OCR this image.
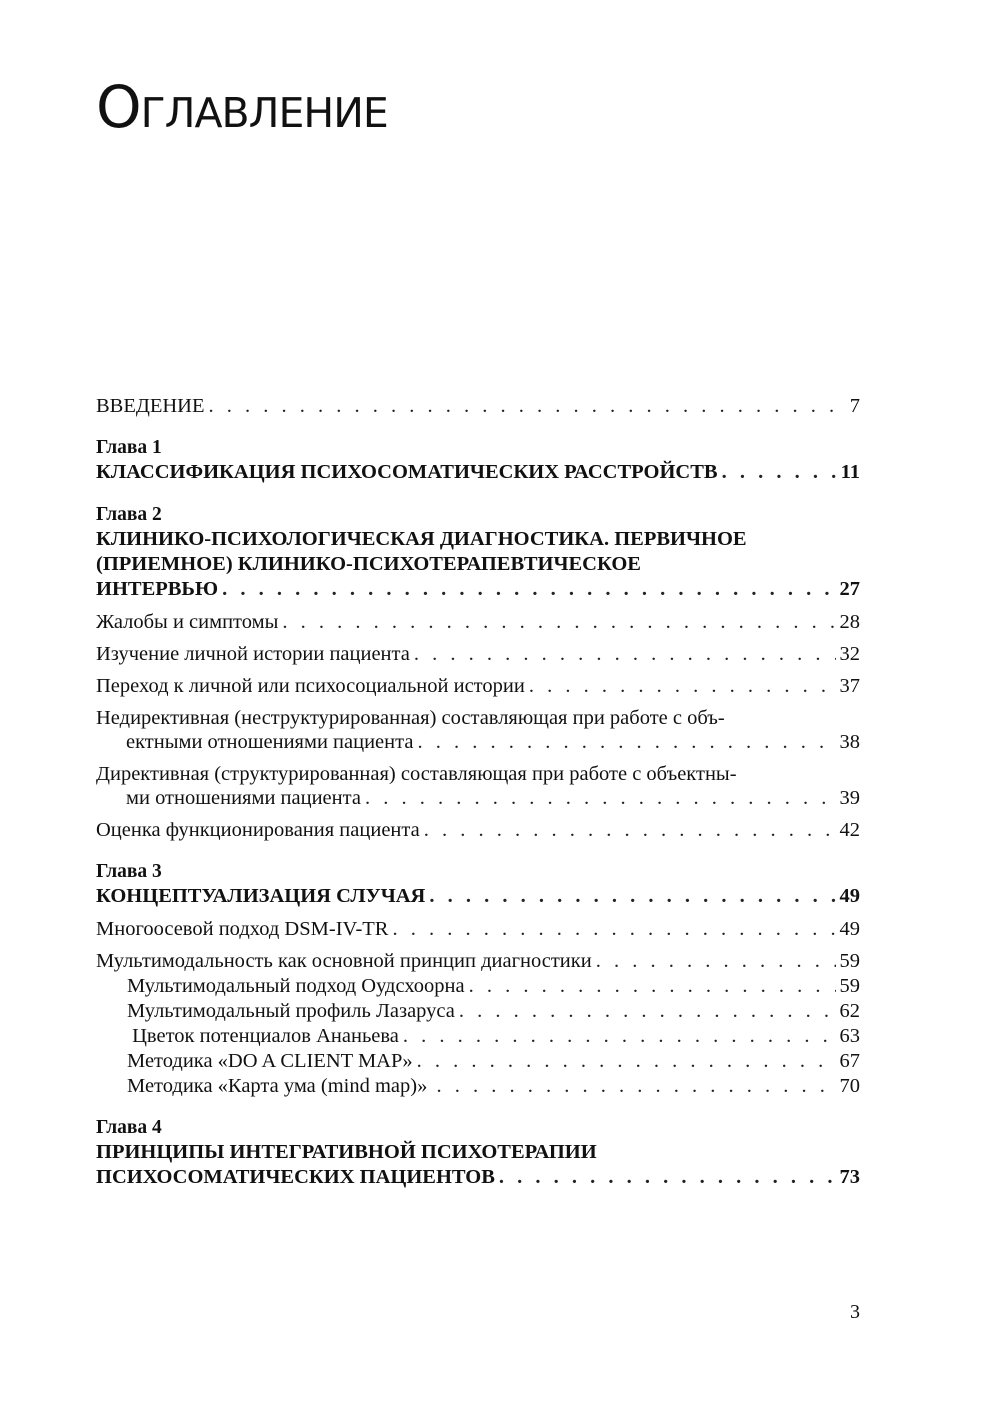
Оглавление
ВВЕДЕНИЕ . . .	7
Глава 1
КЛАССИФИКАЦИЯ ПСИХОСОМАТИЧЕСКИХ РАССТРОЙСТВ . . .	11
Глава 2
КЛИНИКО-ПСИХОЛОГИЧЕСКАЯ ДИАГНОСТИКА. ПЕРВИЧНОЕ
(ПРИЕМНОЕ) КЛИНИКО-ПСИХОТЕРАПЕВТИЧЕСКОЕ
ИНТЕРВЬЮ . . .	27
Жалобы и симптомы . . .	28
Изучение личной истории пациента . . .	32
Переход к личной или психосоциальной истории . . .	37
Недирективная (неструктурированная) составляющая при работе с объ-
ектными отношениями пациента . . .	38
Директивная (структурированная) составляющая при работе с объектны-
ми отношениями пациента . . .	39
Оценка функционирования пациента . . .	42
Глава 3
КОНЦЕПТУАЛИЗАЦИЯ СЛУЧАЯ . . .	49
Многоосевой подход DSM-IV-TR . . .	49
Мультимодальность как основной принцип диагностики . . .	59
Мультимодальный подход Оудсхоорна . . .	59
Мультимодальный профиль Лазаруса . . .	62
Цветок потенциалов Ананьева . . .	63
Методика «DO A CLIENT MAP» . . .	67
Методика «Карта ума (mind map)» . . .	70
Глава 4
ПРИНЦИПЫ ИНТЕГРАТИВНОЙ ПСИХОТЕРАПИИ
ПСИХОСОМАТИЧЕСКИХ ПАЦИЕНТОВ . . .	73
3
